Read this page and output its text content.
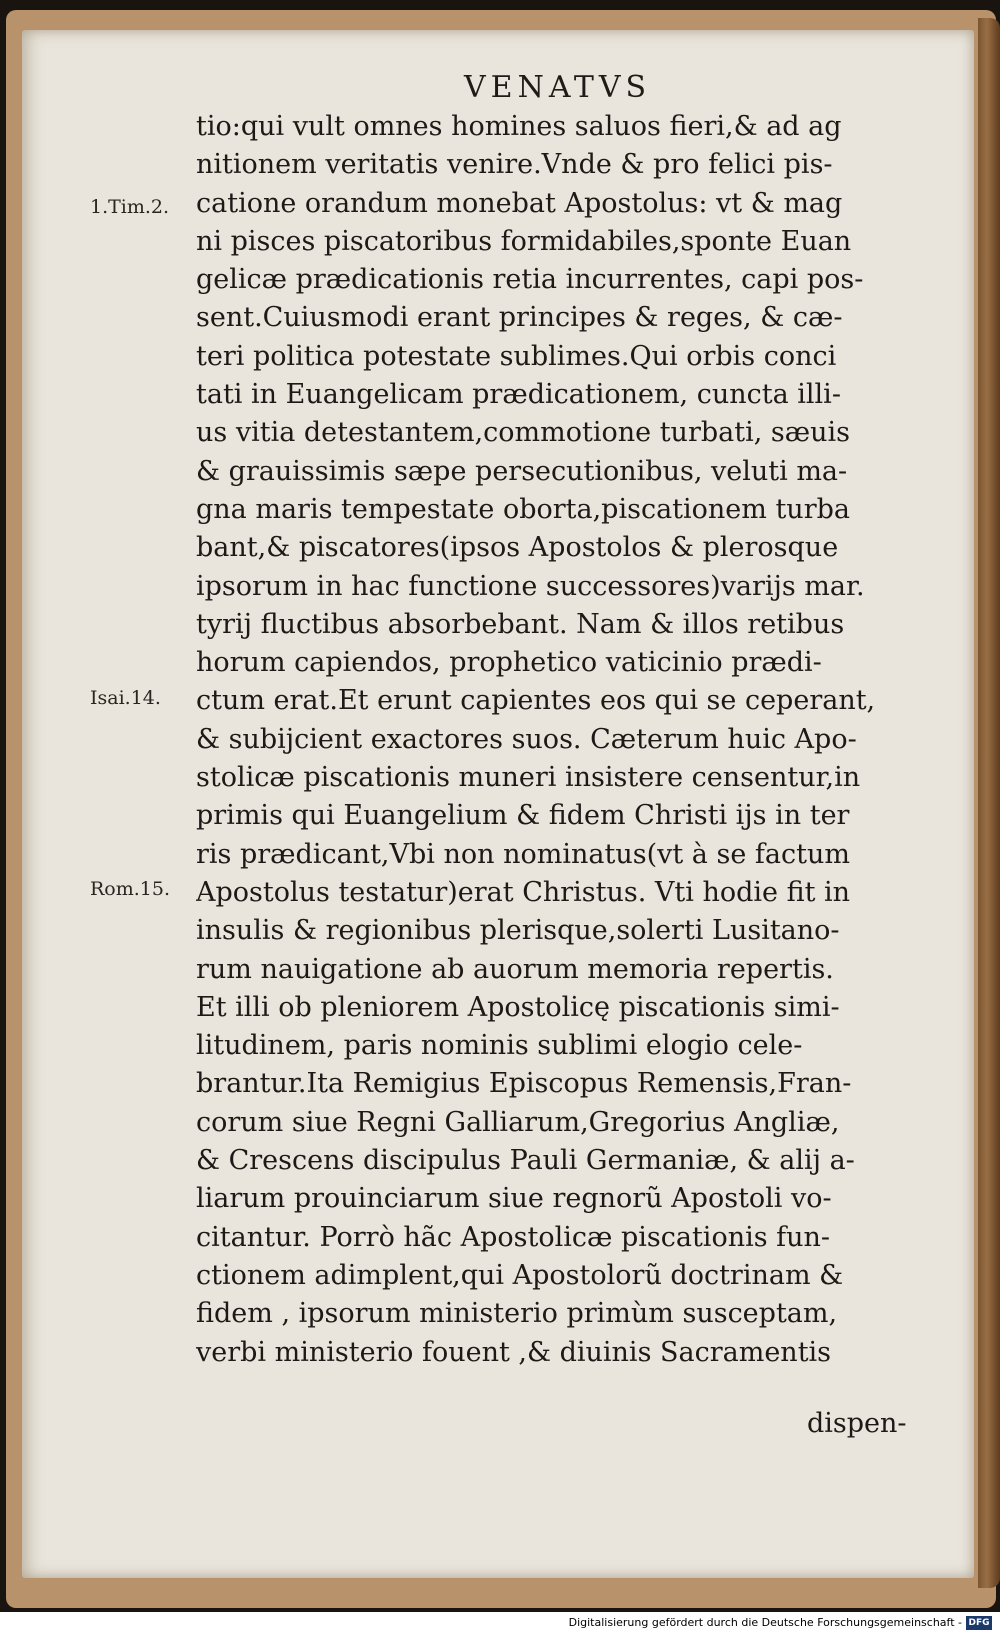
VENATVS
1.Tim.2.
Isai.14.
Rom.15.
tio:qui vult omnes homines saluos fieri,& ad ag
nitionem veritatis venire.Vnde & pro felici pis-
catione orandum monebat Apostolus: vt & mag
ni pisces piscatoribus formidabiles,sponte Euan
gelicæ prædicationis retia incurrentes, capi pos-
sent.Cuiusmodi erant principes & reges, & cæ-
teri politica potestate sublimes.Qui orbis conci
tati in Euangelicam prædicationem, cuncta illi-
us vitia detestantem,commotione turbati, sæuis
& grauissimis sæpe persecutionibus, veluti ma-
gna maris tempestate oborta,piscationem turba
bant,& piscatores(ipsos Apostolos & plerosque
ipsorum in hac functione successores)varijs mar.
tyrij fluctibus absorbebant. Nam & illos retibus
horum capiendos, prophetico vaticinio prædi-
ctum erat.Et erunt capientes eos qui se ceperant,
& subijcient exactores suos. Cæterum huic Apo-
stolicæ piscationis muneri insistere censentur,in
primis qui Euangelium & fidem Christi ijs in ter
ris prædicant,Vbi non nominatus(vt à se factum
Apostolus testatur)erat Christus. Vti hodie fit in
insulis & regionibus plerisque,solerti Lusitano-
rum nauigatione ab auorum memoria repertis.
Et illi ob pleniorem Apostolicę piscationis simi-
litudinem, paris nominis sublimi elogio cele-
brantur.Ita Remigius Episcopus Remensis,Fran-
corum siue Regni Galliarum,Gregorius Angliæ,
& Crescens discipulus Pauli Germaniæ, & alij a-
liarum prouinciarum siue regnorũ Apostoli vo-
citantur. Porrò hãc Apostolicæ piscationis fun-
ctionem adimplent,qui Apostolorũ doctrinam &
fidem , ipsorum ministerio primùm susceptam,
verbi ministerio fouent ,& diuinis Sacramentis
dispen-
Digitalisierung gefördert durch die Deutsche Forschungsgemeinschaft - DFG
